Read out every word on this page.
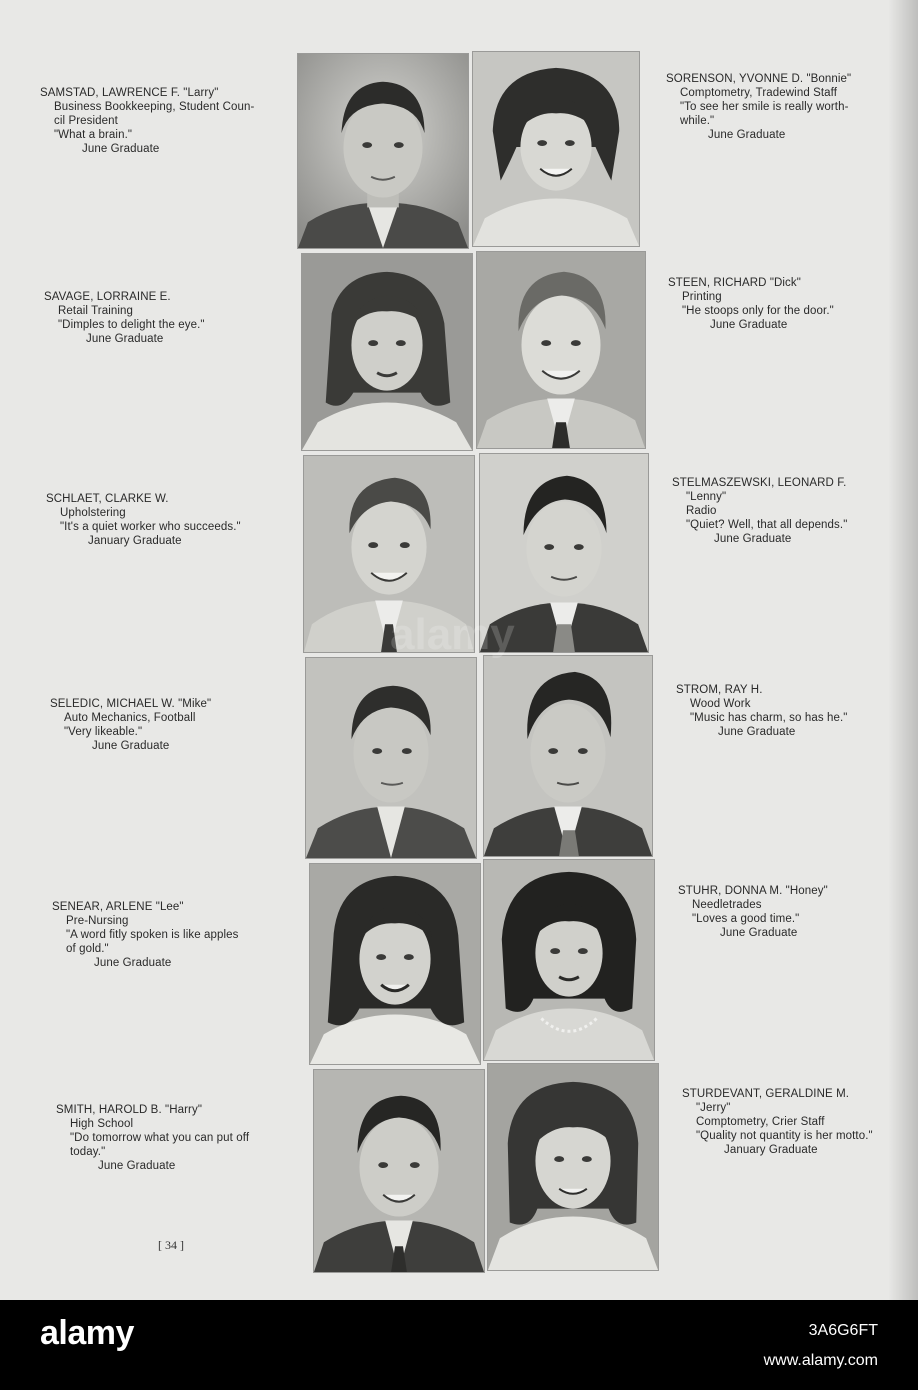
SAMSTAD, LAWRENCE F. "Larry"
Business Bookkeeping, Student Coun-
cil President
"What a brain."
June Graduate
SAVAGE, LORRAINE E.
Retail Training
"Dimples to delight the eye."
June Graduate
SCHLAET, CLARKE W.
Upholstering
"It's a quiet worker who succeeds."
January Graduate
SELEDIC, MICHAEL W. "Mike"
Auto Mechanics, Football
"Very likeable."
June Graduate
SENEAR, ARLENE "Lee"
Pre-Nursing
"A word fitly spoken is like apples
of gold."
June Graduate
SMITH, HAROLD B. "Harry"
High School
"Do tomorrow what you can put off
today."
June Graduate
SORENSON, YVONNE D. "Bonnie"
Comptometry, Tradewind Staff
"To see her smile is really worth-
while."
June Graduate
STEEN, RICHARD "Dick"
Printing
"He stoops only for the door."
June Graduate
STELMASZEWSKI, LEONARD F.
"Lenny"
Radio
"Quiet? Well, that all depends."
June Graduate
STROM, RAY H.
Wood Work
"Music has charm, so has he."
June Graduate
STUHR, DONNA M. "Honey"
Needletrades
"Loves a good time."
June Graduate
STURDEVANT, GERALDINE M.
"Jerry"
Comptometry, Crier Staff
"Quality not quantity is her motto."
January Graduate
[ 34 ]
alamy
alamy	3A6G6FT
www.alamy.com
